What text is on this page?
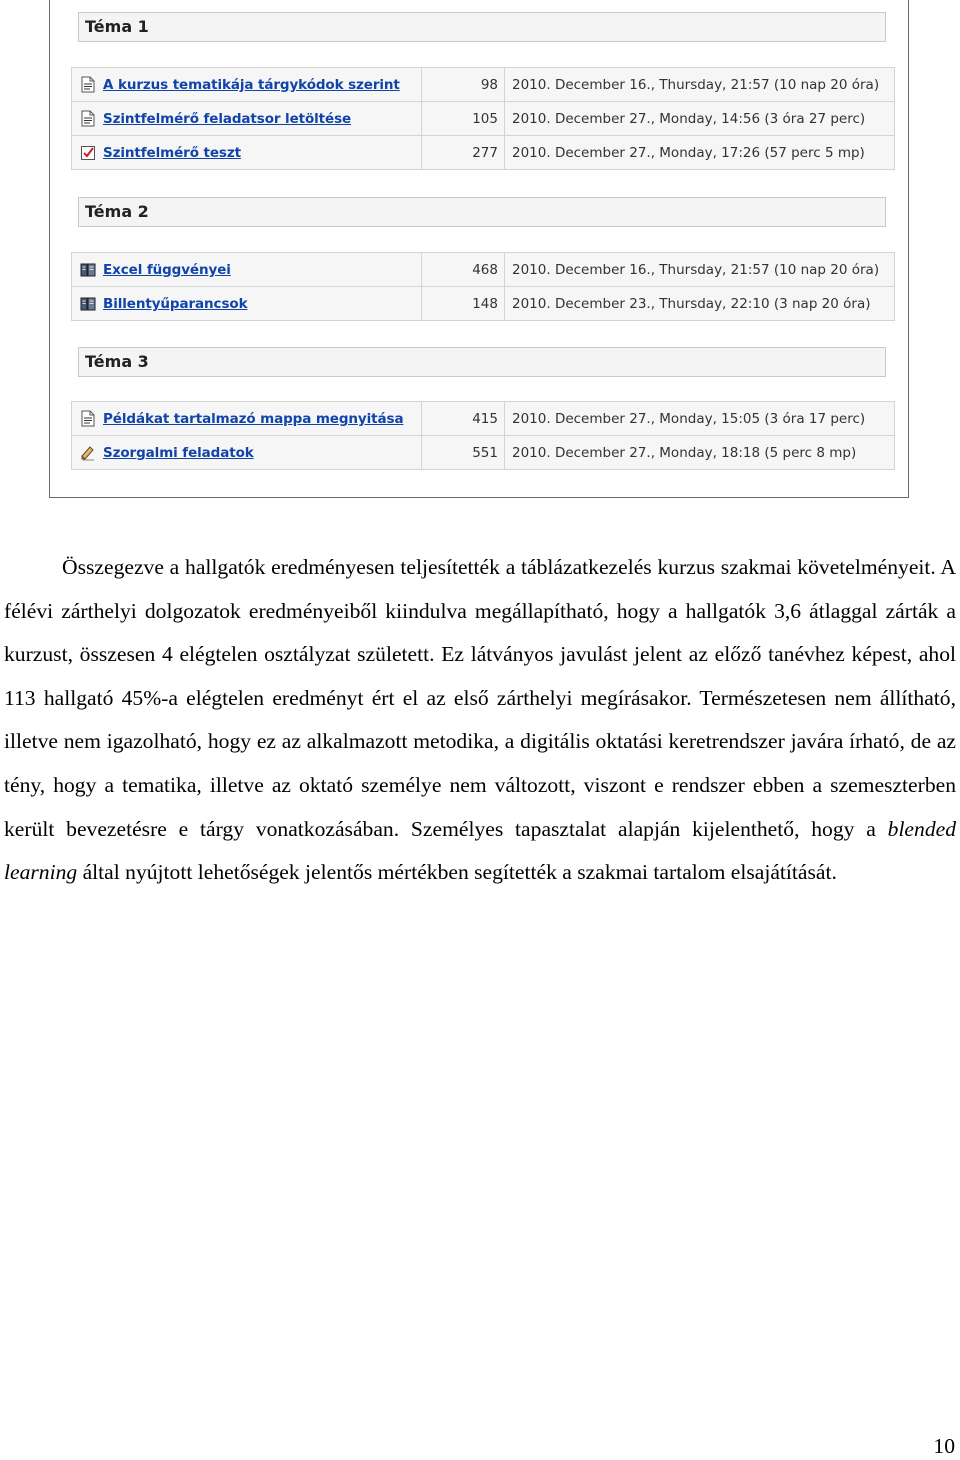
Téma 1
A kurzus tematikája tárgykódok szerint	98	2010. December 16., Thursday, 21:57 (10 nap 20 óra)
Szintfelmérő feladatsor letöltése	105	2010. December 27., Monday, 14:56 (3 óra 27 perc)
Szintfelmérő teszt	277	2010. December 27., Monday, 17:26 (57 perc 5 mp)
Téma 2
Excel függvényei	468	2010. December 16., Thursday, 21:57 (10 nap 20 óra)
Billentyűparancsok	148	2010. December 23., Thursday, 22:10 (3 nap 20 óra)
Téma 3
Példákat tartalmazó mappa megnyitása	415	2010. December 27., Monday, 15:05 (3 óra 17 perc)
Szorgalmi feladatok	551	2010. December 27., Monday, 18:18 (5 perc 8 mp)

Összegezve a hallgatók eredményesen teljesítették a táblázatkezelés kurzus szakmai követelményeit. A félévi zárthelyi dolgozatok eredményeiből kiindulva megállapítható, hogy a hallgatók 3,6 átlaggal zárták a kurzust, összesen 4 elégtelen osztályzat született. Ez látványos javulást jelent az előző tanévhez képest, ahol 113 hallgató 45%-a elégtelen eredményt ért el az első zárthelyi megírásakor. Természetesen nem állítható, illetve nem igazolható, hogy ez az alkalmazott metodika, a digitális oktatási keretrendszer javára írható, de az tény, hogy a tematika, illetve az oktató személye nem változott, viszont e rendszer ebben a szemeszterben került bevezetésre e tárgy vonatkozásában. Személyes tapasztalat alapján kijelenthető, hogy a blended learning által nyújtott lehetőségek jelentős mértékben segítették a szakmai tartalom elsajátítását.

10
